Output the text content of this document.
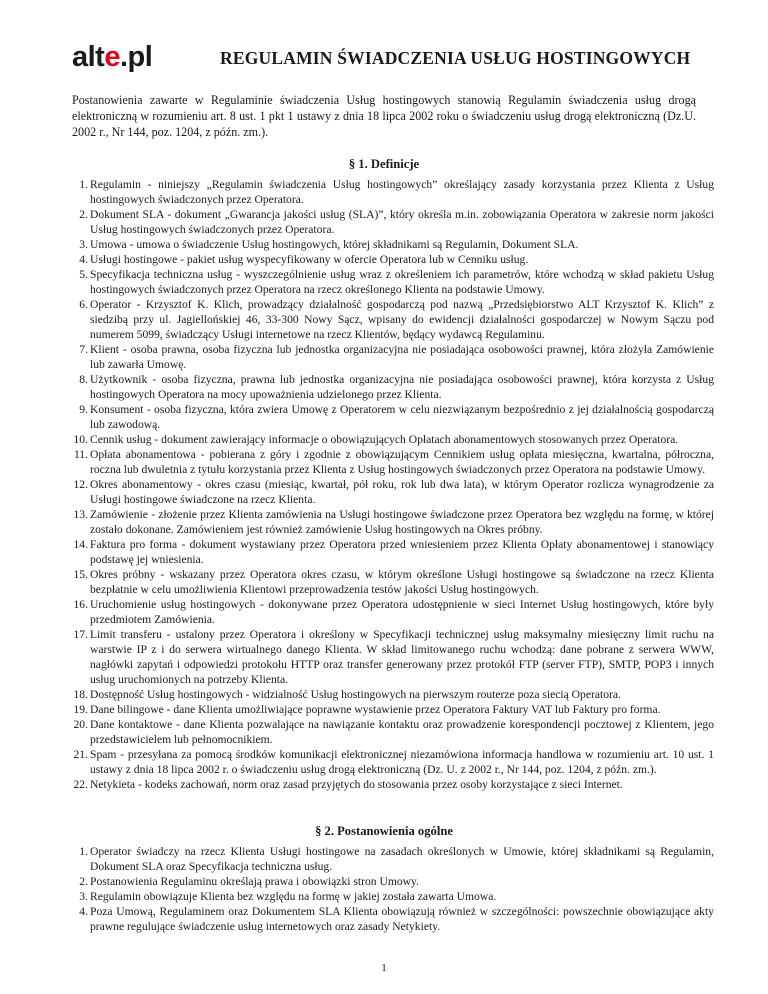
alte.pl	REGULAMIN ŚWIADCZENIA USŁUG HOSTINGOWYCH
Postanowienia zawarte w Regulaminie świadczenia Usług hostingowych stanowią Regulamin świadczenia usług drogą elektroniczną w rozumieniu art. 8 ust. 1 pkt 1 ustawy z dnia 18 lipca 2002 roku o świadczeniu usług drogą elektroniczną (Dz.U. 2002 r., Nr 144, poz. 1204, z późn. zm.).
§ 1. Definicje
1. Regulamin - niniejszy „Regulamin świadczenia Usług hostingowych” określający zasady korzystania przez Klienta z Usług hostingowych świadczonych przez Operatora.
2. Dokument SLA - dokument „Gwarancja jakości usług (SLA)”, który określa m.in. zobowiązania Operatora w zakresie norm jakości Usług hostingowych świadczonych przez Operatora.
3. Umowa - umowa o świadczenie Usług hostingowych, której składnikami są Regulamin, Dokument SLA.
4. Usługi hostingowe - pakiet usług wyspecyfikowany w ofercie Operatora lub w Cenniku usług.
5. Specyfikacja techniczna usług - wyszczególnienie usług wraz z określeniem ich parametrów, które wchodzą w skład pakietu Usług hostingowych świadczonych przez Operatora na rzecz określonego Klienta na podstawie Umowy.
6. Operator - Krzysztof K. Klich, prowadzący działalność gospodarczą pod nazwą „Przedsiębiorstwo ALT Krzysztof K. Klich” z siedzibą przy ul. Jagiellońskiej 46, 33-300 Nowy Sącz, wpisany do ewidencji działalności gospodarczej w Nowym Sączu pod numerem 5099, świadczący Usługi internetowe na rzecz Klientów, będący wydawcą Regulaminu.
7. Klient - osoba prawna, osoba fizyczna lub jednostka organizacyjna nie posiadająca osobowości prawnej, która złożyła Zamówienie lub zawarła Umowę.
8. Użytkownik - osoba fizyczna, prawna lub jednostka organizacyjna nie posiadająca osobowości prawnej, która korzysta z Usług hostingowych Operatora na mocy upoważnienia udzielonego przez Klienta.
9. Konsument - osoba fizyczna, która zwiera Umowę z Operatorem w celu niezwiązanym bezpośrednio z jej działalnością gospodarczą lub zawodową.
10. Cennik usług - dokument zawierający informacje o obowiązujących Opłatach abonamentowych stosowanych przez Operatora.
11. Opłata abonamentowa - pobierana z góry i zgodnie z obowiązującym Cennikiem usług opłata miesięczna, kwartalna, półroczna, roczna lub dwuletnia z tytułu korzystania przez Klienta z Usług hostingowych świadczonych przez Operatora na podstawie Umowy.
12. Okres abonamentowy - okres czasu (miesiąc, kwartał, pół roku, rok lub dwa lata), w którym Operator rozlicza wynagrodzenie za Usługi hostingowe świadczone na rzecz Klienta.
13. Zamówienie - złożenie przez Klienta zamówienia na Usługi hostingowe świadczone przez Operatora bez względu na formę, w której zostało dokonane. Zamówieniem jest również zamówienie Usług hostingowych na Okres próbny.
14. Faktura pro forma - dokument wystawiany przez Operatora przed wniesieniem przez Klienta Opłaty abonamentowej i stanowiący podstawę jej wniesienia.
15. Okres próbny - wskazany przez Operatora okres czasu, w którym określone Usługi hostingowe są świadczone na rzecz Klienta bezpłatnie w celu umożliwienia Klientowi przeprowadzenia testów jakości Usług hostingowych.
16. Uruchomienie usług hostingowych - dokonywane przez Operatora udostępnienie w sieci Internet Usług hostingowych, które były przedmiotem Zamówienia.
17. Limit transferu - ustalony przez Operatora i określony w Specyfikacji technicznej usług maksymalny miesięczny limit ruchu na warstwie IP z i do serwera wirtualnego danego Klienta. W skład limitowanego ruchu wchodzą: dane pobrane z serwera WWW, nagłówki zapytań i odpowiedzi protokołu HTTP oraz transfer generowany przez protokół FTP (server FTP), SMTP, POP3 i innych usług uruchomionych na potrzeby Klienta.
18. Dostępność Usług hostingowych - widzialność Usług hostingowych na pierwszym routerze poza siecią Operatora.
19. Dane bilingowe - dane Klienta umożliwiające poprawne wystawienie przez Operatora Faktury VAT lub Faktury pro forma.
20. Dane kontaktowe - dane Klienta pozwalające na nawiązanie kontaktu oraz prowadzenie korespondencji pocztowej z Klientem, jego przedstawicielem lub pełnomocnikiem.
21. Spam - przesyłana za pomocą środków komunikacji elektronicznej niezamówiona informacja handlowa w rozumieniu art. 10 ust. 1 ustawy z dnia 18 lipca 2002 r. o świadczeniu usług drogą elektroniczną (Dz. U. z 2002 r., Nr 144, poz. 1204, z późn. zm.).
22. Netykieta - kodeks zachowań, norm oraz zasad przyjętych do stosowania przez osoby korzystające z sieci Internet.
§ 2. Postanowienia ogólne
1. Operator świadczy na rzecz Klienta Usługi hostingowe na zasadach określonych w Umowie, której składnikami są Regulamin, Dokument SLA oraz Specyfikacja techniczna usług.
2. Postanowienia Regulaminu określają prawa i obowiązki stron Umowy.
3. Regulamin obowiązuje Klienta bez względu na formę w jakiej została zawarta Umowa.
4. Poza Umową, Regulaminem oraz Dokumentem SLA Klienta obowiązują również w szczególności: powszechnie obowiązujące akty prawne regulujące świadczenie usług internetowych oraz zasady Netykiety.
1
